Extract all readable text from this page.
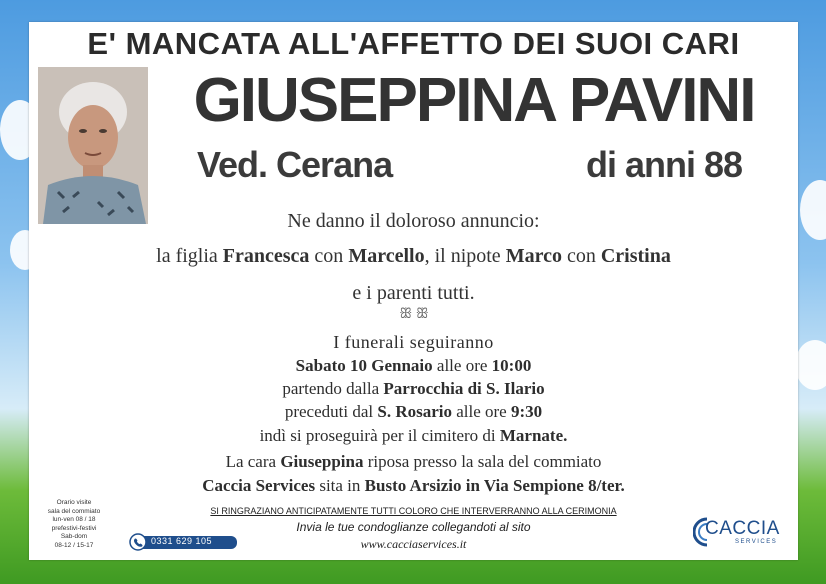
E' MANCATA ALL'AFFETTO DEI SUOI CARI
GIUSEPPINA PAVINI
Ved. Cerana	di anni 88
Ne danno il doloroso annuncio:
la figlia Francesca con Marcello, il nipote Marco con Cristina
e i parenti tutti.
ꕥ ꕥ
I funerali seguiranno
Sabato 10 Gennaio alle ore 10:00
partendo dalla Parrocchia di S. Ilario
preceduti dal S. Rosario alle ore 9:30
indì si proseguirà per il cimitero di Marnate.
La cara Giuseppina riposa presso la sala del commiato
Caccia Services sita in Busto Arsizio in Via Sempione 8/ter.
Orario visite
sala del commiato
lun-ven 08 / 18
prefestivi-festivi
Sab-dom
08-12 / 15-17
SI RINGRAZIANO ANTICIPATAMENTE TUTTI COLORO CHE INTERVERRANNO ALLA CERIMONIA
Invia le tue condoglianze collegandoti al sito
www.cacciaservices.it
0331 629 105
CACCIA
SERVICES
